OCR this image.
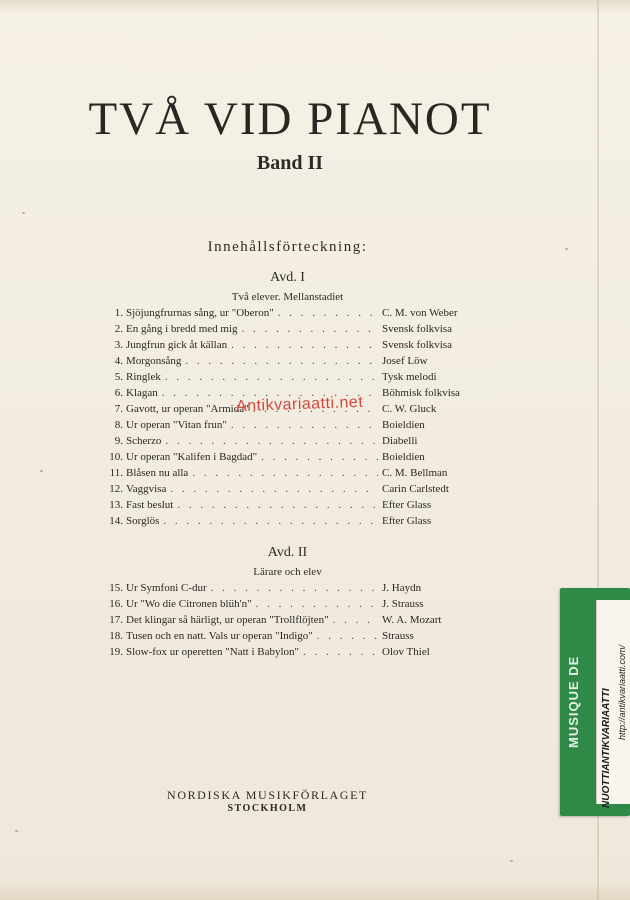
TVÅ VID PIANOT
Band II
Innehållsförteckning:
Avd. I
Två elever. Mellanstadiet
1. Sjöjungfrurnas sång, ur "Oberon" . . .	C. M. von Weber
2. En gång i bredd med mig . . .	Svensk folkvisa
3. Jungfrun gick åt källan . . .	Svensk folkvisa
4. Morgonsång . . .	Josef Löw
5. Ringlek . . .	Tysk melodi
6. Klagan . . .	Böhmisk folkvisa
7. Gavott, ur operan "Armida" . . .	C. W. Gluck
8. Ur operan "Vitan frun" . . .	Boieldien
9. Scherzo . . .	Diabelli
10. Ur operan "Kalifen i Bagdad" . . .	Boieldien
11. Blåsen nu alla . . .	C. M. Bellman
12. Vaggvisa . . .	Carin Carlstedt
13. Fast beslut . . .	Efter Glass
14. Sorglös . . .	Efter Glass
Avd. II
Lärare och elev
15. Ur Symfoni C-dur . . .	J. Haydn
16. Ur "Wo die Citronen blüh'n" . . .	J. Strauss
17. Det klingar så härligt, ur operan "Trollflöjten" . . .	W. A. Mozart
18. Tusen och en natt. Vals ur operan "Indigo" . . .	Strauss
19. Slow-fox ur operetten "Natt i Babylon" . . .	Olov Thiel
Antikvariaatti.net
NORDISKA MUSIKFÖRLAGET
STOCKHOLM
MUSIQUE DE NUOTTIANTIKVARIAATTI http://antikvariaatti.com/
